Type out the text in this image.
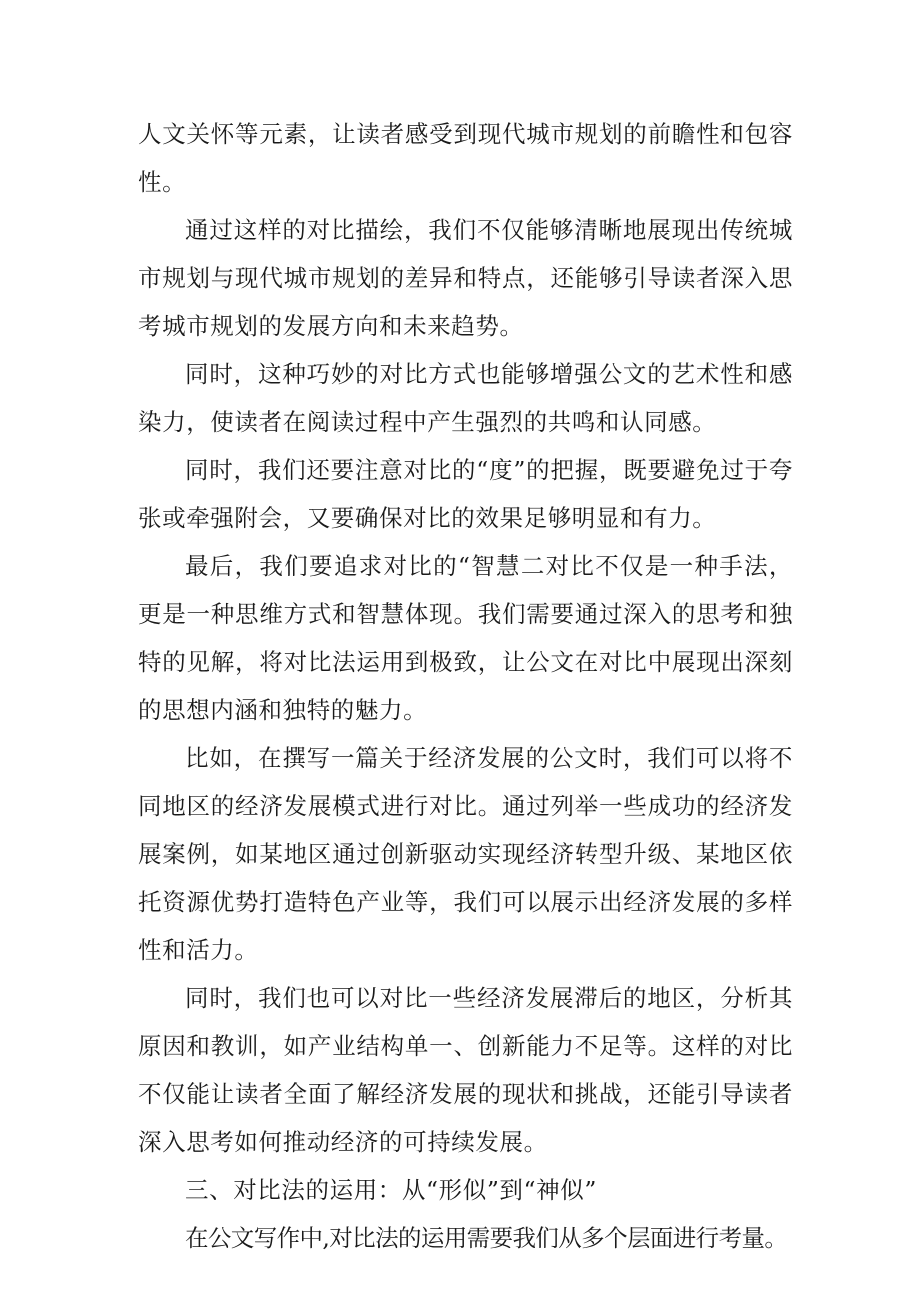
人文关怀等元素，让读者感受到现代城市规划的前瞻性和包容性。

通过这样的对比描绘，我们不仅能够清晰地展现出传统城市规划与现代城市规划的差异和特点，还能够引导读者深入思考城市规划的发展方向和未来趋势。

同时，这种巧妙的对比方式也能够增强公文的艺术性和感染力，使读者在阅读过程中产生强烈的共鸣和认同感。

同时，我们还要注意对比的“度”的把握，既要避免过于夸张或牵强附会，又要确保对比的效果足够明显和有力。

最后，我们要追求对比的“智慧二对比不仅是一种手法，更是一种思维方式和智慧体现。我们需要通过深入的思考和独特的见解，将对比法运用到极致，让公文在对比中展现出深刻的思想内涵和独特的魅力。

比如，在撰写一篇关于经济发展的公文时，我们可以将不同地区的经济发展模式进行对比。通过列举一些成功的经济发展案例，如某地区通过创新驱动实现经济转型升级、某地区依托资源优势打造特色产业等，我们可以展示出经济发展的多样性和活力。

同时，我们也可以对比一些经济发展滞后的地区，分析其原因和教训，如产业结构单一、创新能力不足等。这样的对比不仅能让读者全面了解经济发展的现状和挑战，还能引导读者深入思考如何推动经济的可持续发展。

三、对比法的运用：从“形似”到“神似”

在公文写作中,对比法的运用需要我们从多个层面进行考量。
